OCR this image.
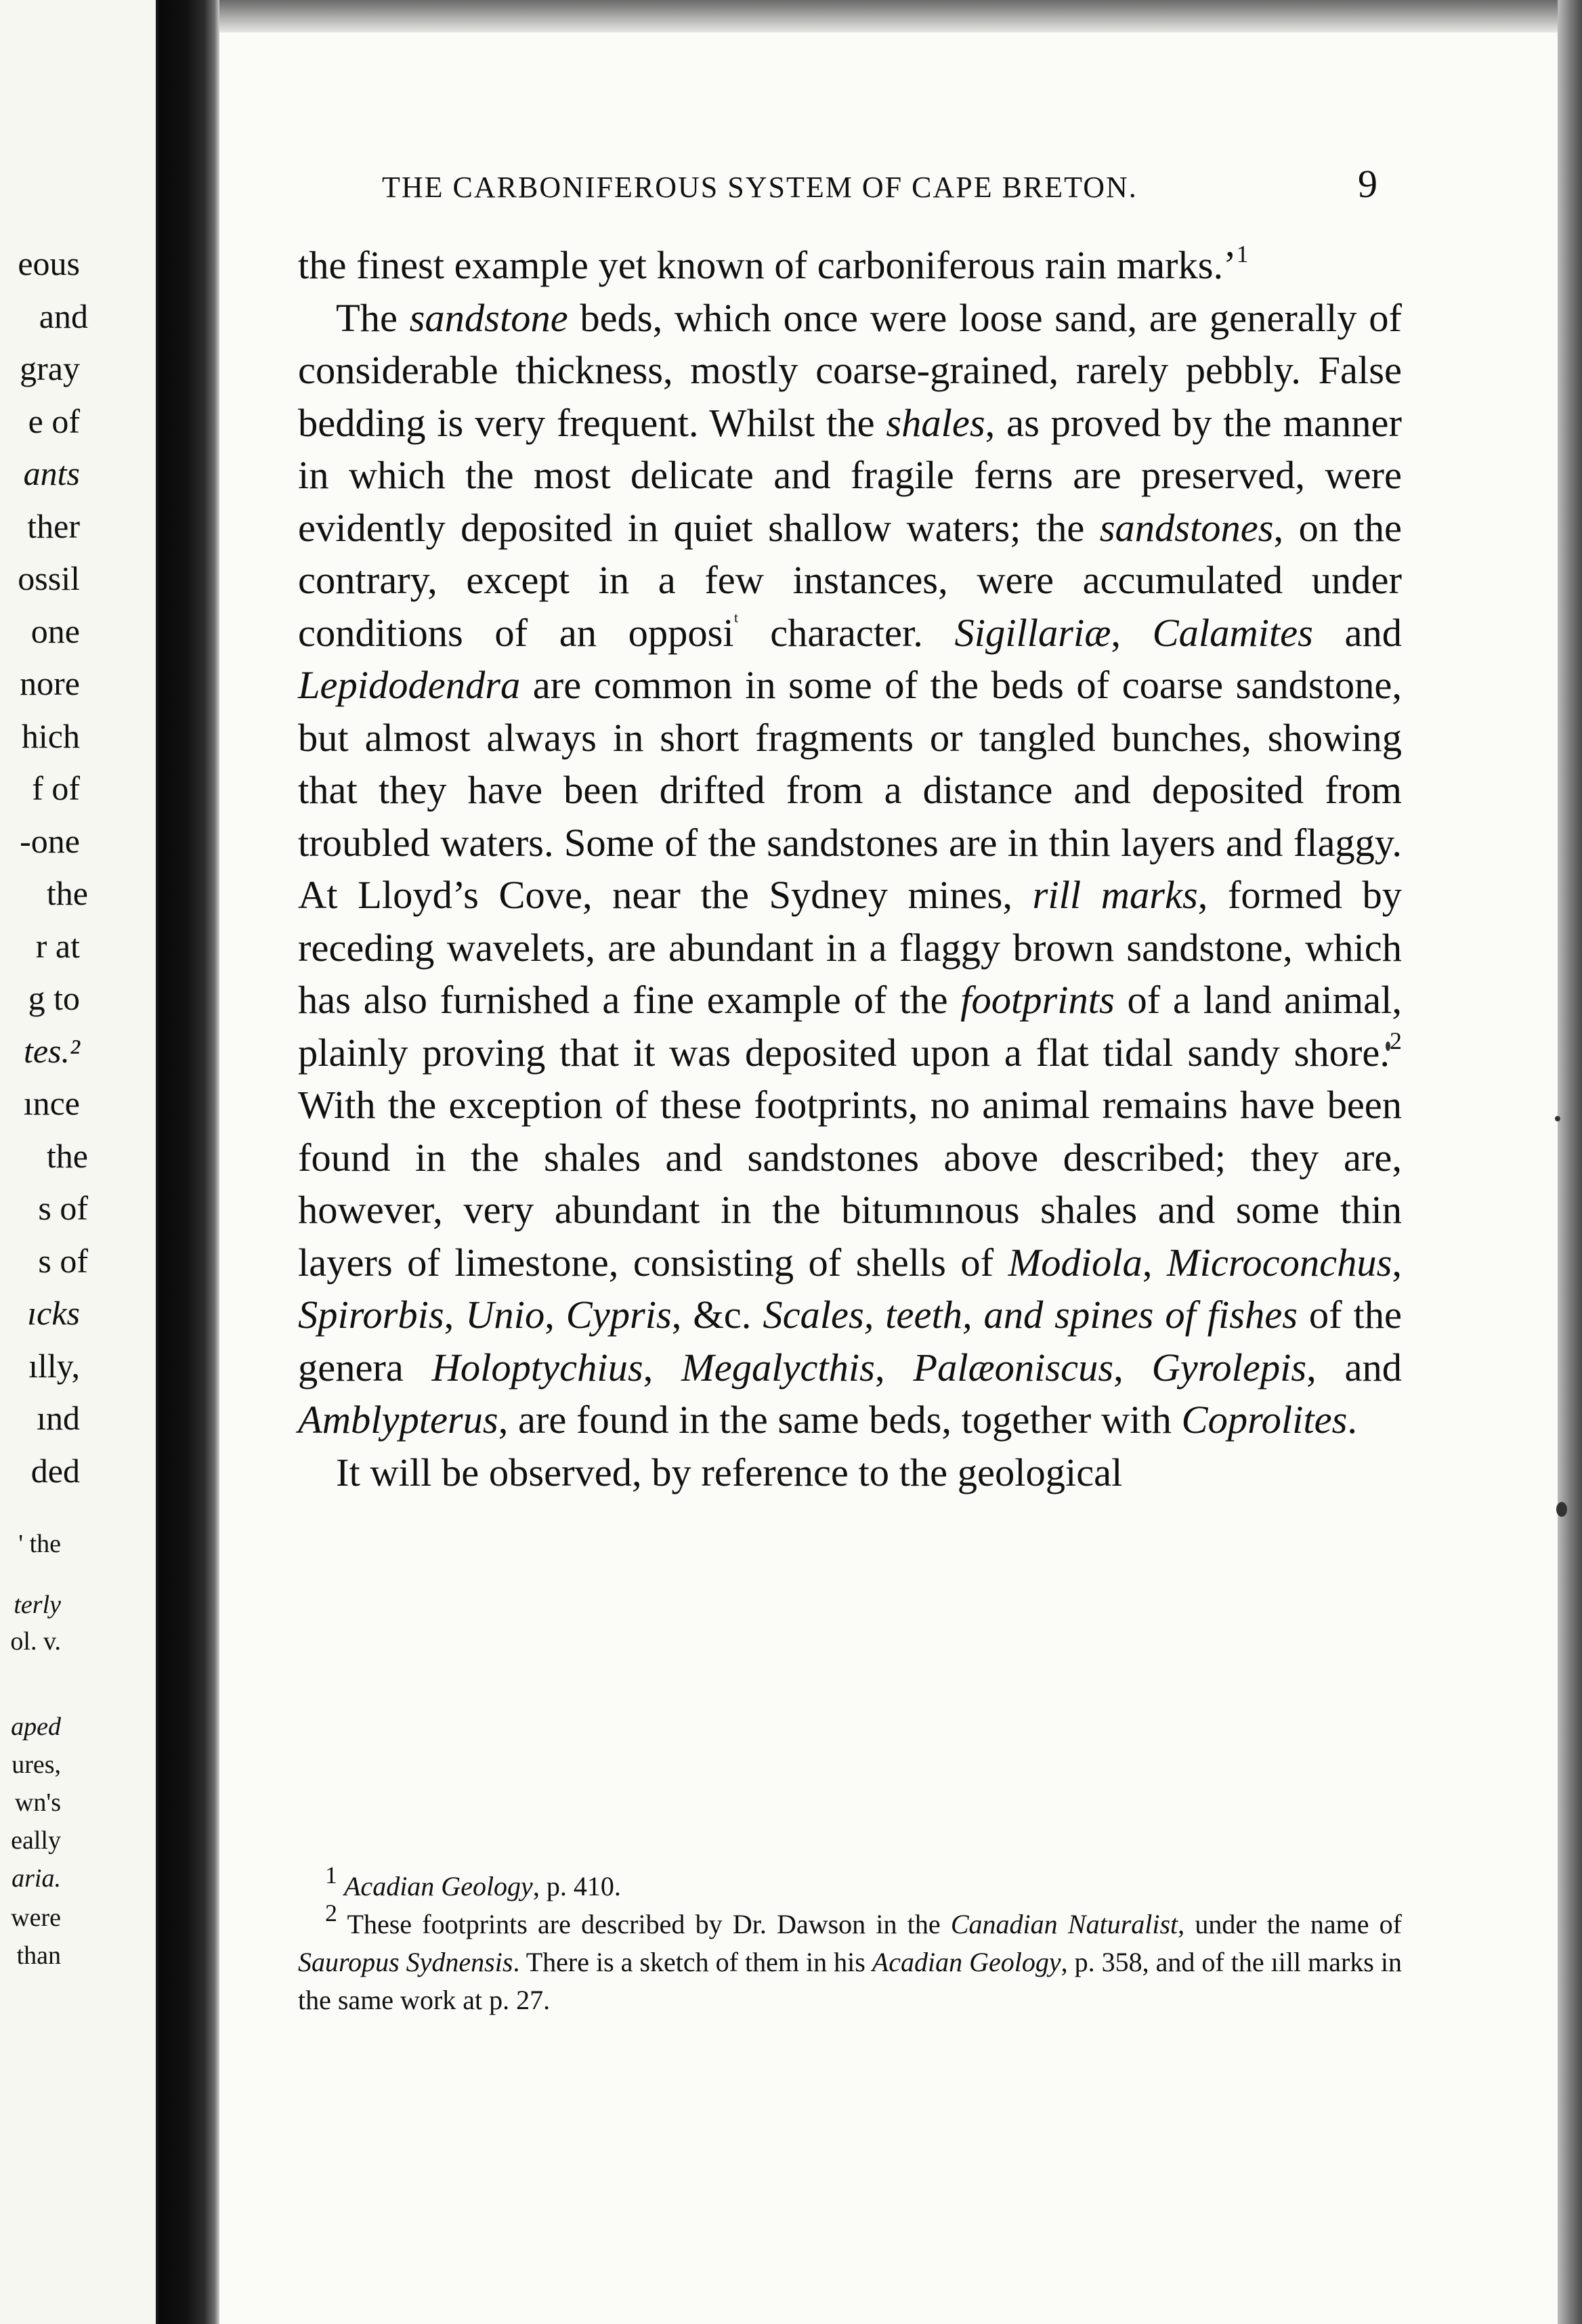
eous
and
gray
e of
ants
ther
ossil
one
nore
hich
f of
-one
the
r at
g to
tes.²
ınce
the
s of
s of
ıcks
ılly,
ınd
ded
' the
terly
ol. v.
aped
ures,
wn's
eally
aria.
were
than
THE CARBONIFEROUS SYSTEM OF CAPE BRETON.	9

the finest example yet known of carboniferous rain marks.’$^1$

The sandstone beds, which once were loose sand, are generally of considerable thickness, mostly coarse-grained, rarely pebbly. False bedding is very frequent. Whilst the shales, as proved by the manner in which the most delicate and fragile ferns are preserved, were evidently deposited in quiet shallow waters; the sandstones, on the contrary, except in a few instances, were accumulated under conditions of an opposi$^ᵗ$ character. Sigillariæ, Calamites and Lepidodendra are common in some of the beds of coarse sandstone, but almost always in short fragments or tangled bunches, showing that they have been drifted from a distance and deposited from troubled waters. Some of the sandstones are in thin layers and flaggy. At Lloyd’s Cove, near the Sydney mines, rill marks, formed by receding wavelets, are abundant in a flaggy brown sandstone, which has also furnished a fine example of the footprints of a land animal, plainly proving that it was deposited upon a flat tidal sandy shore.$^2$ With the exception of these footprints, no animal remains have been found in the shales and sandstones above described; they are, however, very abundant in the bitumınous shales and some thin layers of limestone, consisting of shells of Modiola, Microconchus, Spirorbis, Unio, Cypris, &c. Scales, teeth, and spines of fishes of the genera Holoptychius, Megalycthis, Palæoniscus, Gyrolepis, and Amblypterus, are found in the same beds, together with Coprolites.

It will be observed, by reference to the geological

$^1$ Acadian Geology, p. 410.

$^2$ These footprints are described by Dr. Dawson in the Canadian Naturalist, under the name of Sauropus Sydnensis. There is a sketch of them in his Acadian Geology, p. 358, and of the ıill marks in the same work at p. 27.
